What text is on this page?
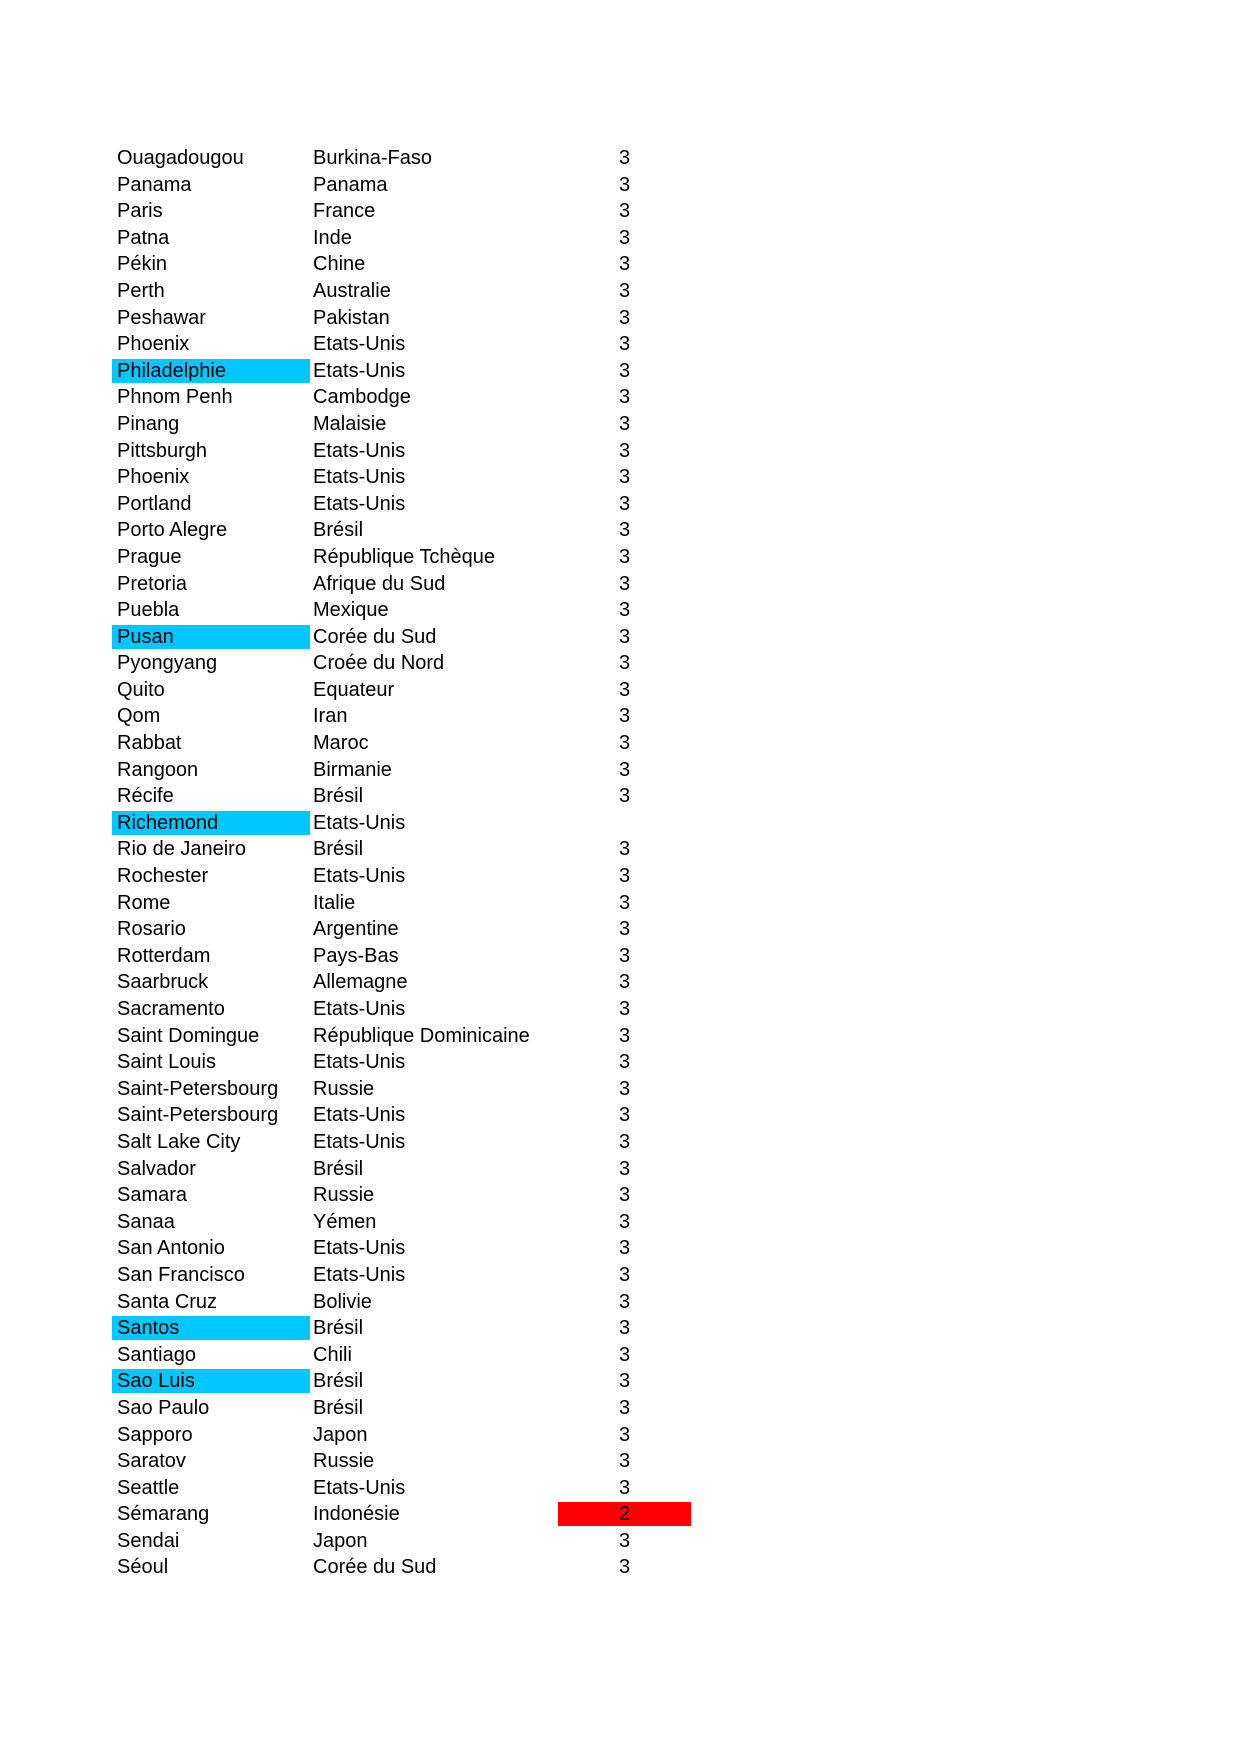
Ouagadougou	Burkina-Faso	3
Panama	Panama	3
Paris	France	3
Patna	Inde	3
Pékin	Chine	3
Perth	Australie	3
Peshawar	Pakistan	3
Phoenix	Etats-Unis	3
Philadelphie	Etats-Unis	3
Phnom Penh	Cambodge	3
Pinang	Malaisie	3
Pittsburgh	Etats-Unis	3
Phoenix	Etats-Unis	3
Portland	Etats-Unis	3
Porto Alegre	Brésil	3
Prague	République Tchèque	3
Pretoria	Afrique du Sud	3
Puebla	Mexique	3
Pusan	Corée du Sud	3
Pyongyang	Croée du Nord	3
Quito	Equateur	3
Qom	Iran	3
Rabbat	Maroc	3
Rangoon	Birmanie	3
Récife	Brésil	3
Richemond	Etats-Unis
Rio de Janeiro	Brésil	3
Rochester	Etats-Unis	3
Rome	Italie	3
Rosario	Argentine	3
Rotterdam	Pays-Bas	3
Saarbruck	Allemagne	3
Sacramento	Etats-Unis	3
Saint Domingue	République Dominicaine	3
Saint Louis	Etats-Unis	3
Saint-Petersbourg	Russie	3
Saint-Petersbourg	Etats-Unis	3
Salt Lake City	Etats-Unis	3
Salvador	Brésil	3
Samara	Russie	3
Sanaa	Yémen	3
San Antonio	Etats-Unis	3
San Francisco	Etats-Unis	3
Santa Cruz	Bolivie	3
Santos	Brésil	3
Santiago	Chili	3
Sao Luis	Brésil	3
Sao Paulo	Brésil	3
Sapporo	Japon	3
Saratov	Russie	3
Seattle	Etats-Unis	3
Sémarang	Indonésie	2
Sendai	Japon	3
Séoul	Corée du Sud	3
